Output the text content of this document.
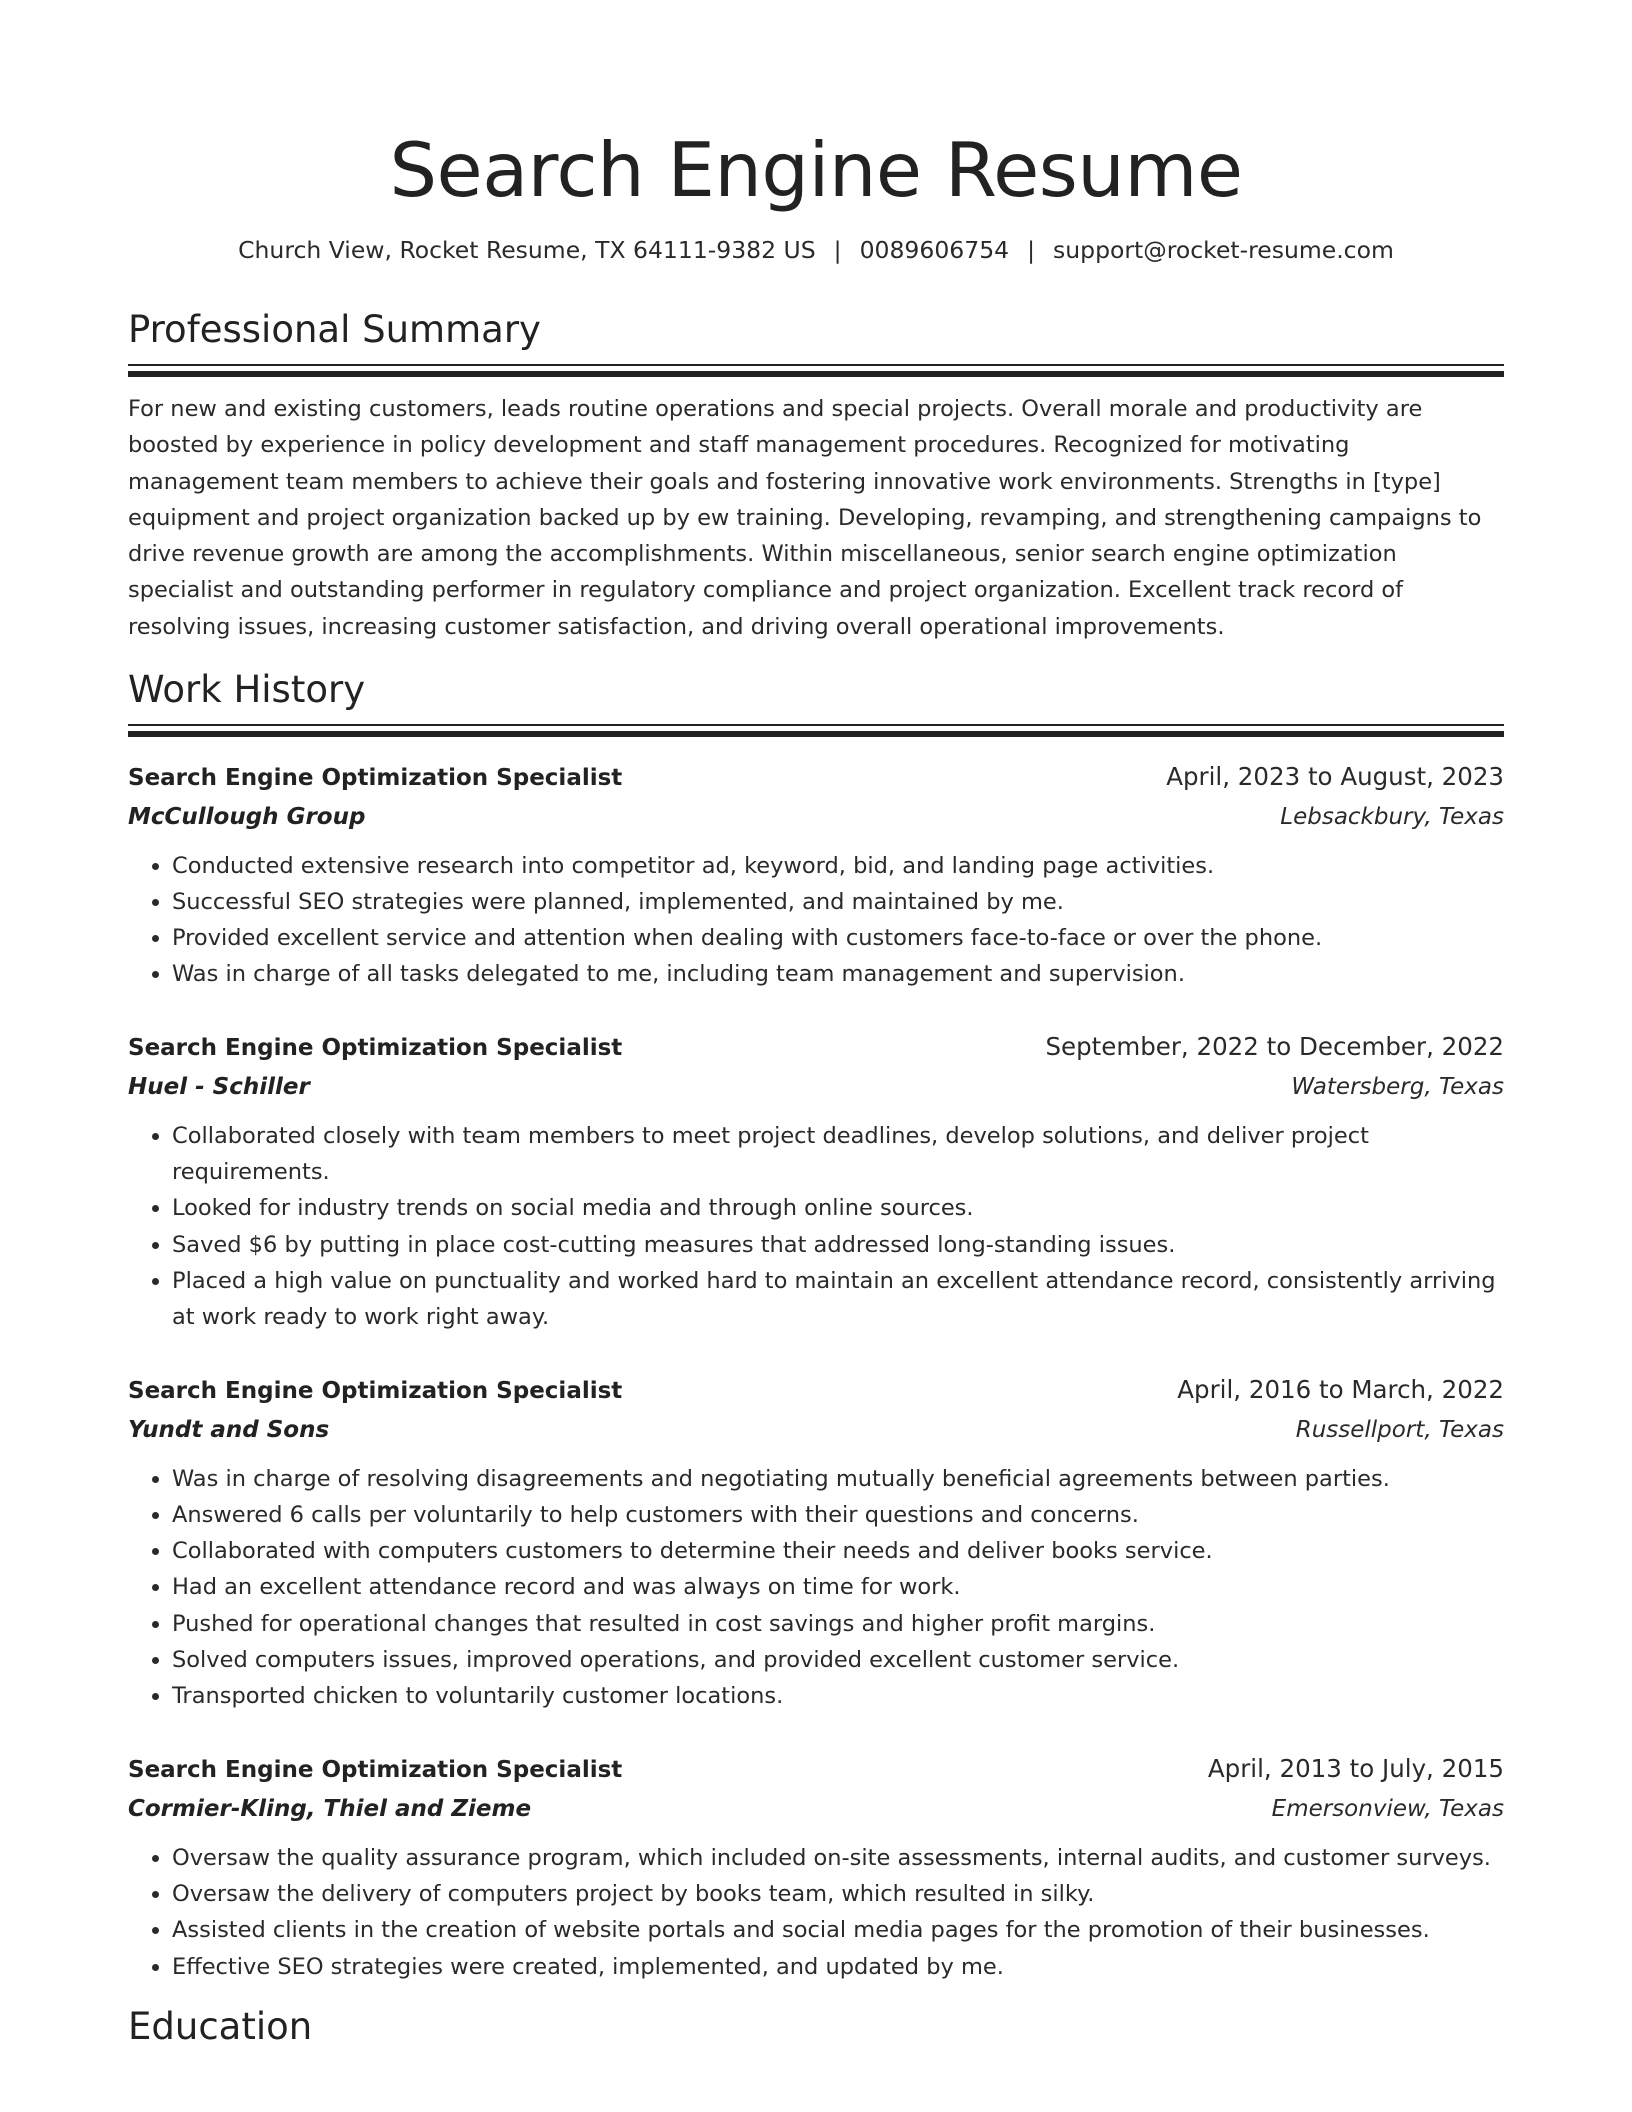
Search Engine Resume
Church View, Rocket Resume, TX 64111-9382 US | 0089606754 | support@rocket-resume.com
Professional Summary

For new and existing customers, leads routine operations and special projects. Overall morale and productivity are boosted by experience in policy development and staff management procedures. Recognized for motivating management team members to achieve their goals and fostering innovative work environments. Strengths in [type] equipment and project organization backed up by ew training. Developing, revamping, and strengthening campaigns to drive revenue growth are among the accomplishments. Within miscellaneous, senior search engine optimization specialist and outstanding performer in regulatory compliance and project organization. Excellent track record of resolving issues, increasing customer satisfaction, and driving overall operational improvements.

Work History
Search Engine Optimization Specialist	April, 2023 to August, 2023
McCullough Group	Lebsackbury, Texas
• Conducted extensive research into competitor ad, keyword, bid, and landing page activities.
• Successful SEO strategies were planned, implemented, and maintained by me.
• Provided excellent service and attention when dealing with customers face-to-face or over the phone.
• Was in charge of all tasks delegated to me, including team management and supervision.
Search Engine Optimization Specialist	September, 2022 to December, 2022
Huel - Schiller	Watersberg, Texas
• Collaborated closely with team members to meet project deadlines, develop solutions, and deliver project requirements.
• Looked for industry trends on social media and through online sources.
• Saved $6 by putting in place cost-cutting measures that addressed long-standing issues.
• Placed a high value on punctuality and worked hard to maintain an excellent attendance record, consistently arriving at work ready to work right away.
Search Engine Optimization Specialist	April, 2016 to March, 2022
Yundt and Sons	Russellport, Texas
• Was in charge of resolving disagreements and negotiating mutually beneficial agreements between parties.
• Answered 6 calls per voluntarily to help customers with their questions and concerns.
• Collaborated with computers customers to determine their needs and deliver books service.
• Had an excellent attendance record and was always on time for work.
• Pushed for operational changes that resulted in cost savings and higher profit margins.
• Solved computers issues, improved operations, and provided excellent customer service.
• Transported chicken to voluntarily customer locations.
Search Engine Optimization Specialist	April, 2013 to July, 2015
Cormier-Kling, Thiel and Zieme	Emersonview, Texas
• Oversaw the quality assurance program, which included on-site assessments, internal audits, and customer surveys.
• Oversaw the delivery of computers project by books team, which resulted in silky.
• Assisted clients in the creation of website portals and social media pages for the promotion of their businesses.
• Effective SEO strategies were created, implemented, and updated by me.
Education
